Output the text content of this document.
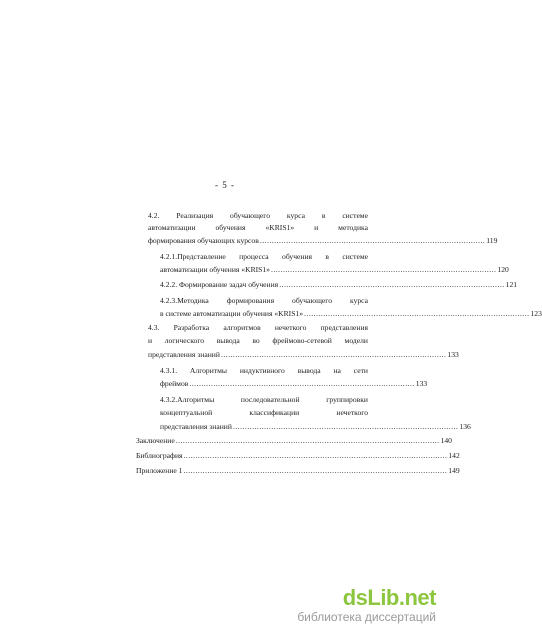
- 5 -
4.2. Реализация обучающего курса в системе
автоматизации обучения «KRIS1» и методика
формирования обучающих курсов .............................................................................................. 119
4.2.1.Представление процесса обучения в системе
автоматизации обучения «KRIS1» .............................................................................................. 120
4.2.2. Формирование задач обучения .............................................................................................. 121
4.2.3.Методика формирования обучающего курса
в системе автоматизации обучения «KRIS1» .............................................................................................. 123
4.3. Разработка алгоритмов нечеткого представления
и логического вывода во фреймово-сетевой модели
представления знаний .............................................................................................. 133
4.3.1. Алгоритмы индуктивного вывода на сети
фреймов .............................................................................................. 133
4.3.2.Алгоритмы последовательной группировки
концептуальной классификации нечеткого
представления знаний .............................................................................................. 136
Заключение .............................................................................................................. 140
Библиография .............................................................................................................. 142
Приложение 1 .............................................................................................................. 149
dsLib.net
библиотека диссертаций
